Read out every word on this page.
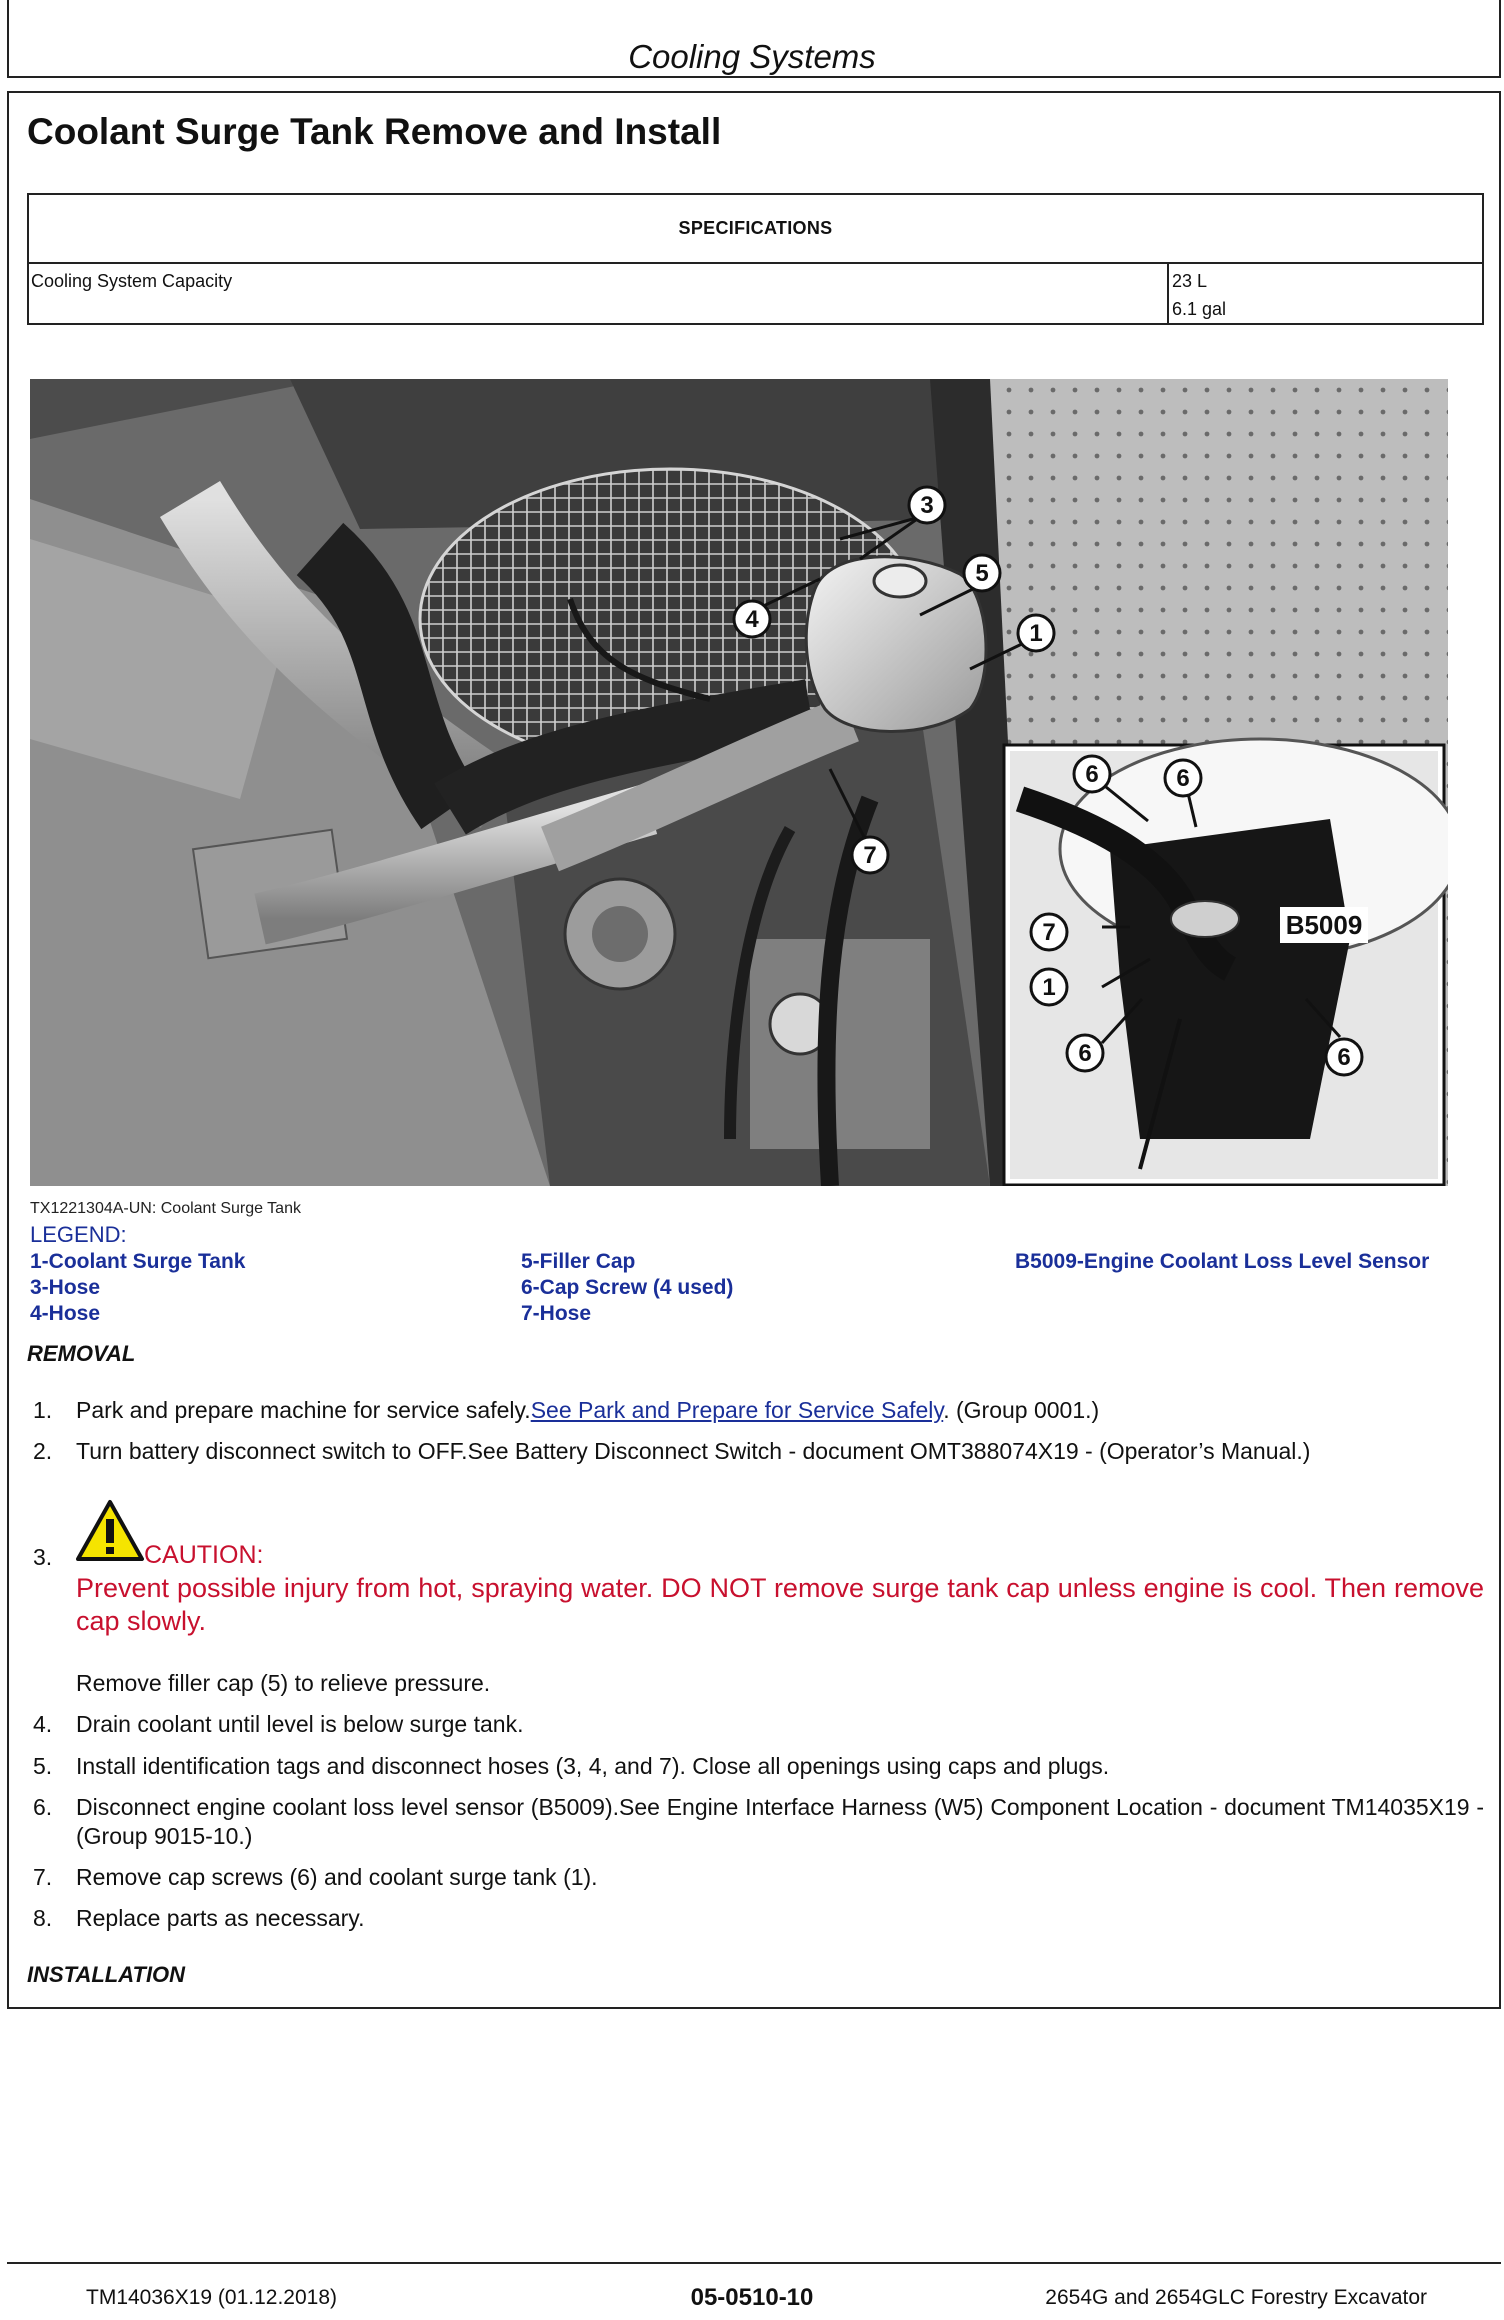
Cooling Systems
Coolant Surge Tank Remove and Install
SPECIFICATIONS
Cooling System Capacity	23 L
6.1 gal
3
5
4
1
7
B5009
6	6
7
1
6	6
TX1221304A-UN: Coolant Surge Tank
LEGEND:
1-Coolant Surge Tank
3-Hose
4-Hose
5-Filler Cap
6-Cap Screw (4 used)
7-Hose
B5009-Engine Coolant Loss Level Sensor
REMOVAL
1. Park and prepare machine for service safely.See Park and Prepare for Service Safely. (Group 0001.)
2. Turn battery disconnect switch to OFF.See Battery Disconnect Switch - document OMT388074X19 - (Operator’s Manual.)
3.	CAUTION:
Prevent possible injury from hot, spraying water. DO NOT remove surge tank cap unless engine is cool. Then remove cap slowly.
Remove filler cap (5) to relieve pressure.
4. Drain coolant until level is below surge tank.
5. Install identification tags and disconnect hoses (3, 4, and 7). Close all openings using caps and plugs.
6. Disconnect engine coolant loss level sensor (B5009).See Engine Interface Harness (W5) Component Location - document TM14035X19 - (Group 9015-10.)
7. Remove cap screws (6) and coolant surge tank (1).
8. Replace parts as necessary.
INSTALLATION
TM14036X19 (01.12.2018)	05-0510-10	2654G and 2654GLC Forestry Excavator
